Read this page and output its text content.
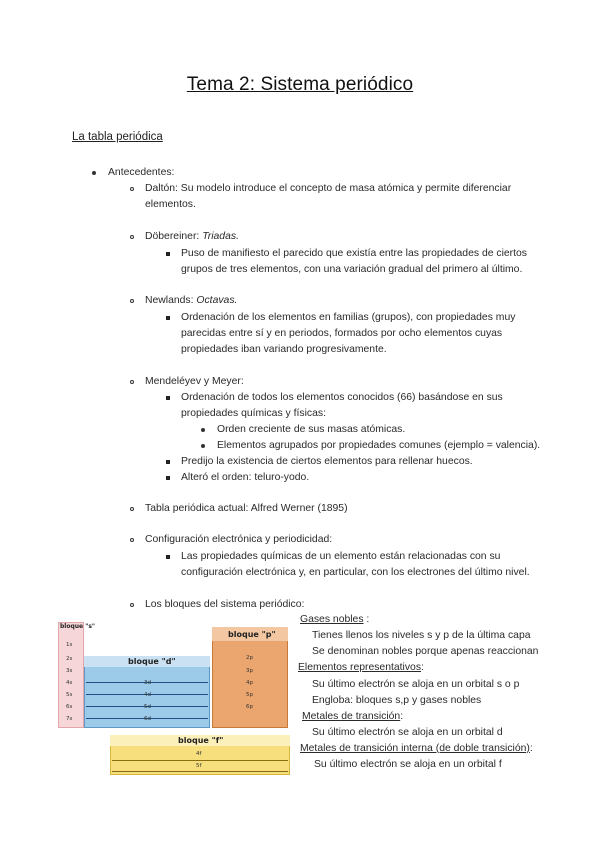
Tema 2: Sistema periódico
La tabla periódica
Antecedentes:
Daltón: Su modelo introduce el concepto de masa atómica y permite diferenciar
elementos.
Döbereiner: Triadas.
Puso de manifiesto el parecido que existía entre las propiedades de ciertos
grupos de tres elementos, con una variación gradual del primero al último.
Newlands: Octavas.
Ordenación de los elementos en familias (grupos), con propiedades muy
parecidas entre sí y en periodos, formados por ocho elementos cuyas
propiedades iban variando progresivamente.
Mendeléyev y Meyer:
Ordenación de todos los elementos conocidos (66) basándose en sus
propiedades químicas y físicas:
Orden creciente de sus masas atómicas.
Elementos agrupados por propiedades comunes (ejemplo = valencia).
Predijo la existencia de ciertos elementos para rellenar huecos.
Alteró el orden: teluro-yodo.
Tabla periódica actual: Alfred Werner (1895)
Configuración electrónica y periodicidad:
Las propiedades químicas de un elemento están relacionadas con su
configuración electrónica y, en particular, con los electrones del último nivel.
Los bloques del sistema periódico:
bloque "s"
1s
2s
3s
4s
5s
6s
7s
bloque "d"
3d
4d
5d
6d
bloque "p"
2p
3p
4p
5p
6p
bloque "f"
4f
5f
Gases nobles :
Tienes llenos los niveles s y p de la última capa
Se denominan nobles porque apenas reaccionan
Elementos representativos:
Su último electrón se aloja en un orbital s o p
Engloba: bloques s,p y gases nobles
Metales de transición:
Su último electrón se aloja en un orbital d
Metales de transición interna (de doble transición):
Su último electrón se aloja en un orbital f
